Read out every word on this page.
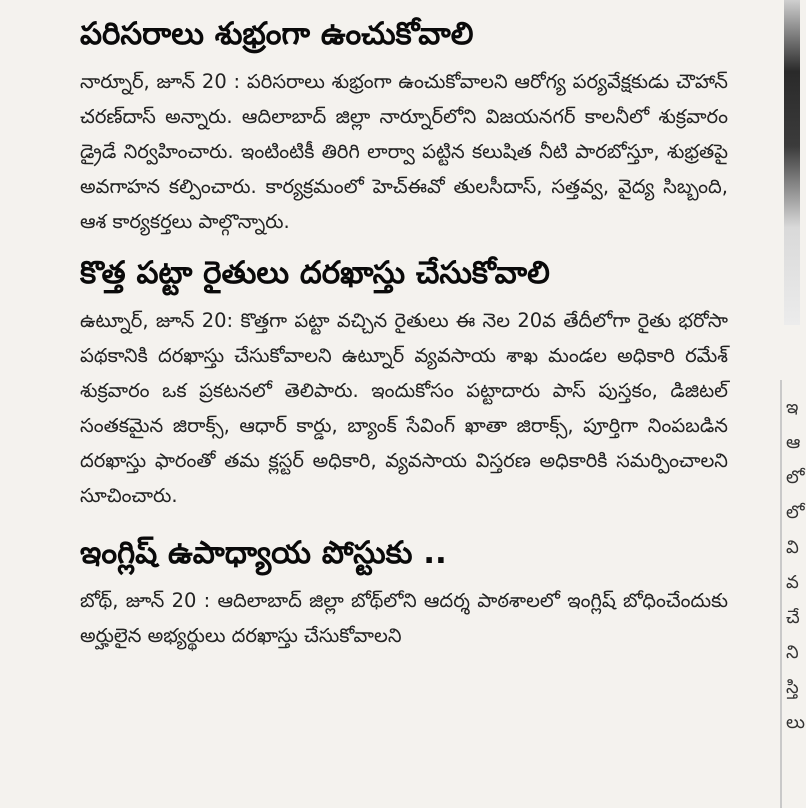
పరిసరాలు శుభ్రంగా ఉంచుకోవాలి

నార్నూర్, జూన్ 20 : పరిసరాలు శుభ్రంగా ఉంచుకోవాలని ఆరోగ్య పర్యవేక్షకుడు చౌహాన్ చరణ్‌దాస్ అన్నారు. ఆదిలాబాద్ జిల్లా నార్నూర్‌లోని విజయనగర్ కాలనీలో శుక్రవారం డ్రైడే నిర్వహించారు. ఇంటింటికీ తిరిగి లార్వా పట్టిన కలుషిత నీటి పారబోస్తూ, శుభ్రతపై అవగాహన కల్పించారు. కార్యక్రమంలో హెచ్ఈవో తులసీదాస్, సత్తవ్వ, వైద్య సిబ్బంది, ఆశ కార్యకర్తలు పాల్గొన్నారు.

కొత్త పట్టా రైతులు దరఖాస్తు చేసుకోవాలి

ఉట్నూర్, జూన్ 20: కొత్తగా పట్టా వచ్చిన రైతులు ఈ నెల 20వ తేదీలోగా రైతు భరోసా పథకానికి దరఖాస్తు చేసుకోవాలని ఉట్నూర్ వ్యవసాయ శాఖ మండల అధికారి రమేశ్ శుక్రవారం ఒక ప్రకటనలో తెలిపారు. ఇందుకోసం పట్టాదారు పాస్ పుస్తకం, డిజిటల్ సంతకమైన జిరాక్స్, ఆధార్ కార్డు, బ్యాంక్ సేవింగ్ ఖాతా జిరాక్స్, పూర్తిగా నింపబడిన దరఖాస్తు ఫారంతో తమ క్లస్టర్ అధికారి, వ్యవసాయ విస్తరణ అధికారికి సమర్పించాలని సూచించారు.

ఇంగ్లిష్ ఉపాధ్యాయ పోస్టుకు ..

బోథ్, జూన్ 20 : ఆదిలాబాద్ జిల్లా బోథ్‌లోని ఆదర్శ పాఠశాలలో ఇంగ్లిష్ బోధించేందుకు అర్హులైన అభ్యర్థులు దరఖాస్తు చేసుకోవాలని

ఇ
ఆ
లో
లో
వి
వ
చే
ని
స్తి
లు
